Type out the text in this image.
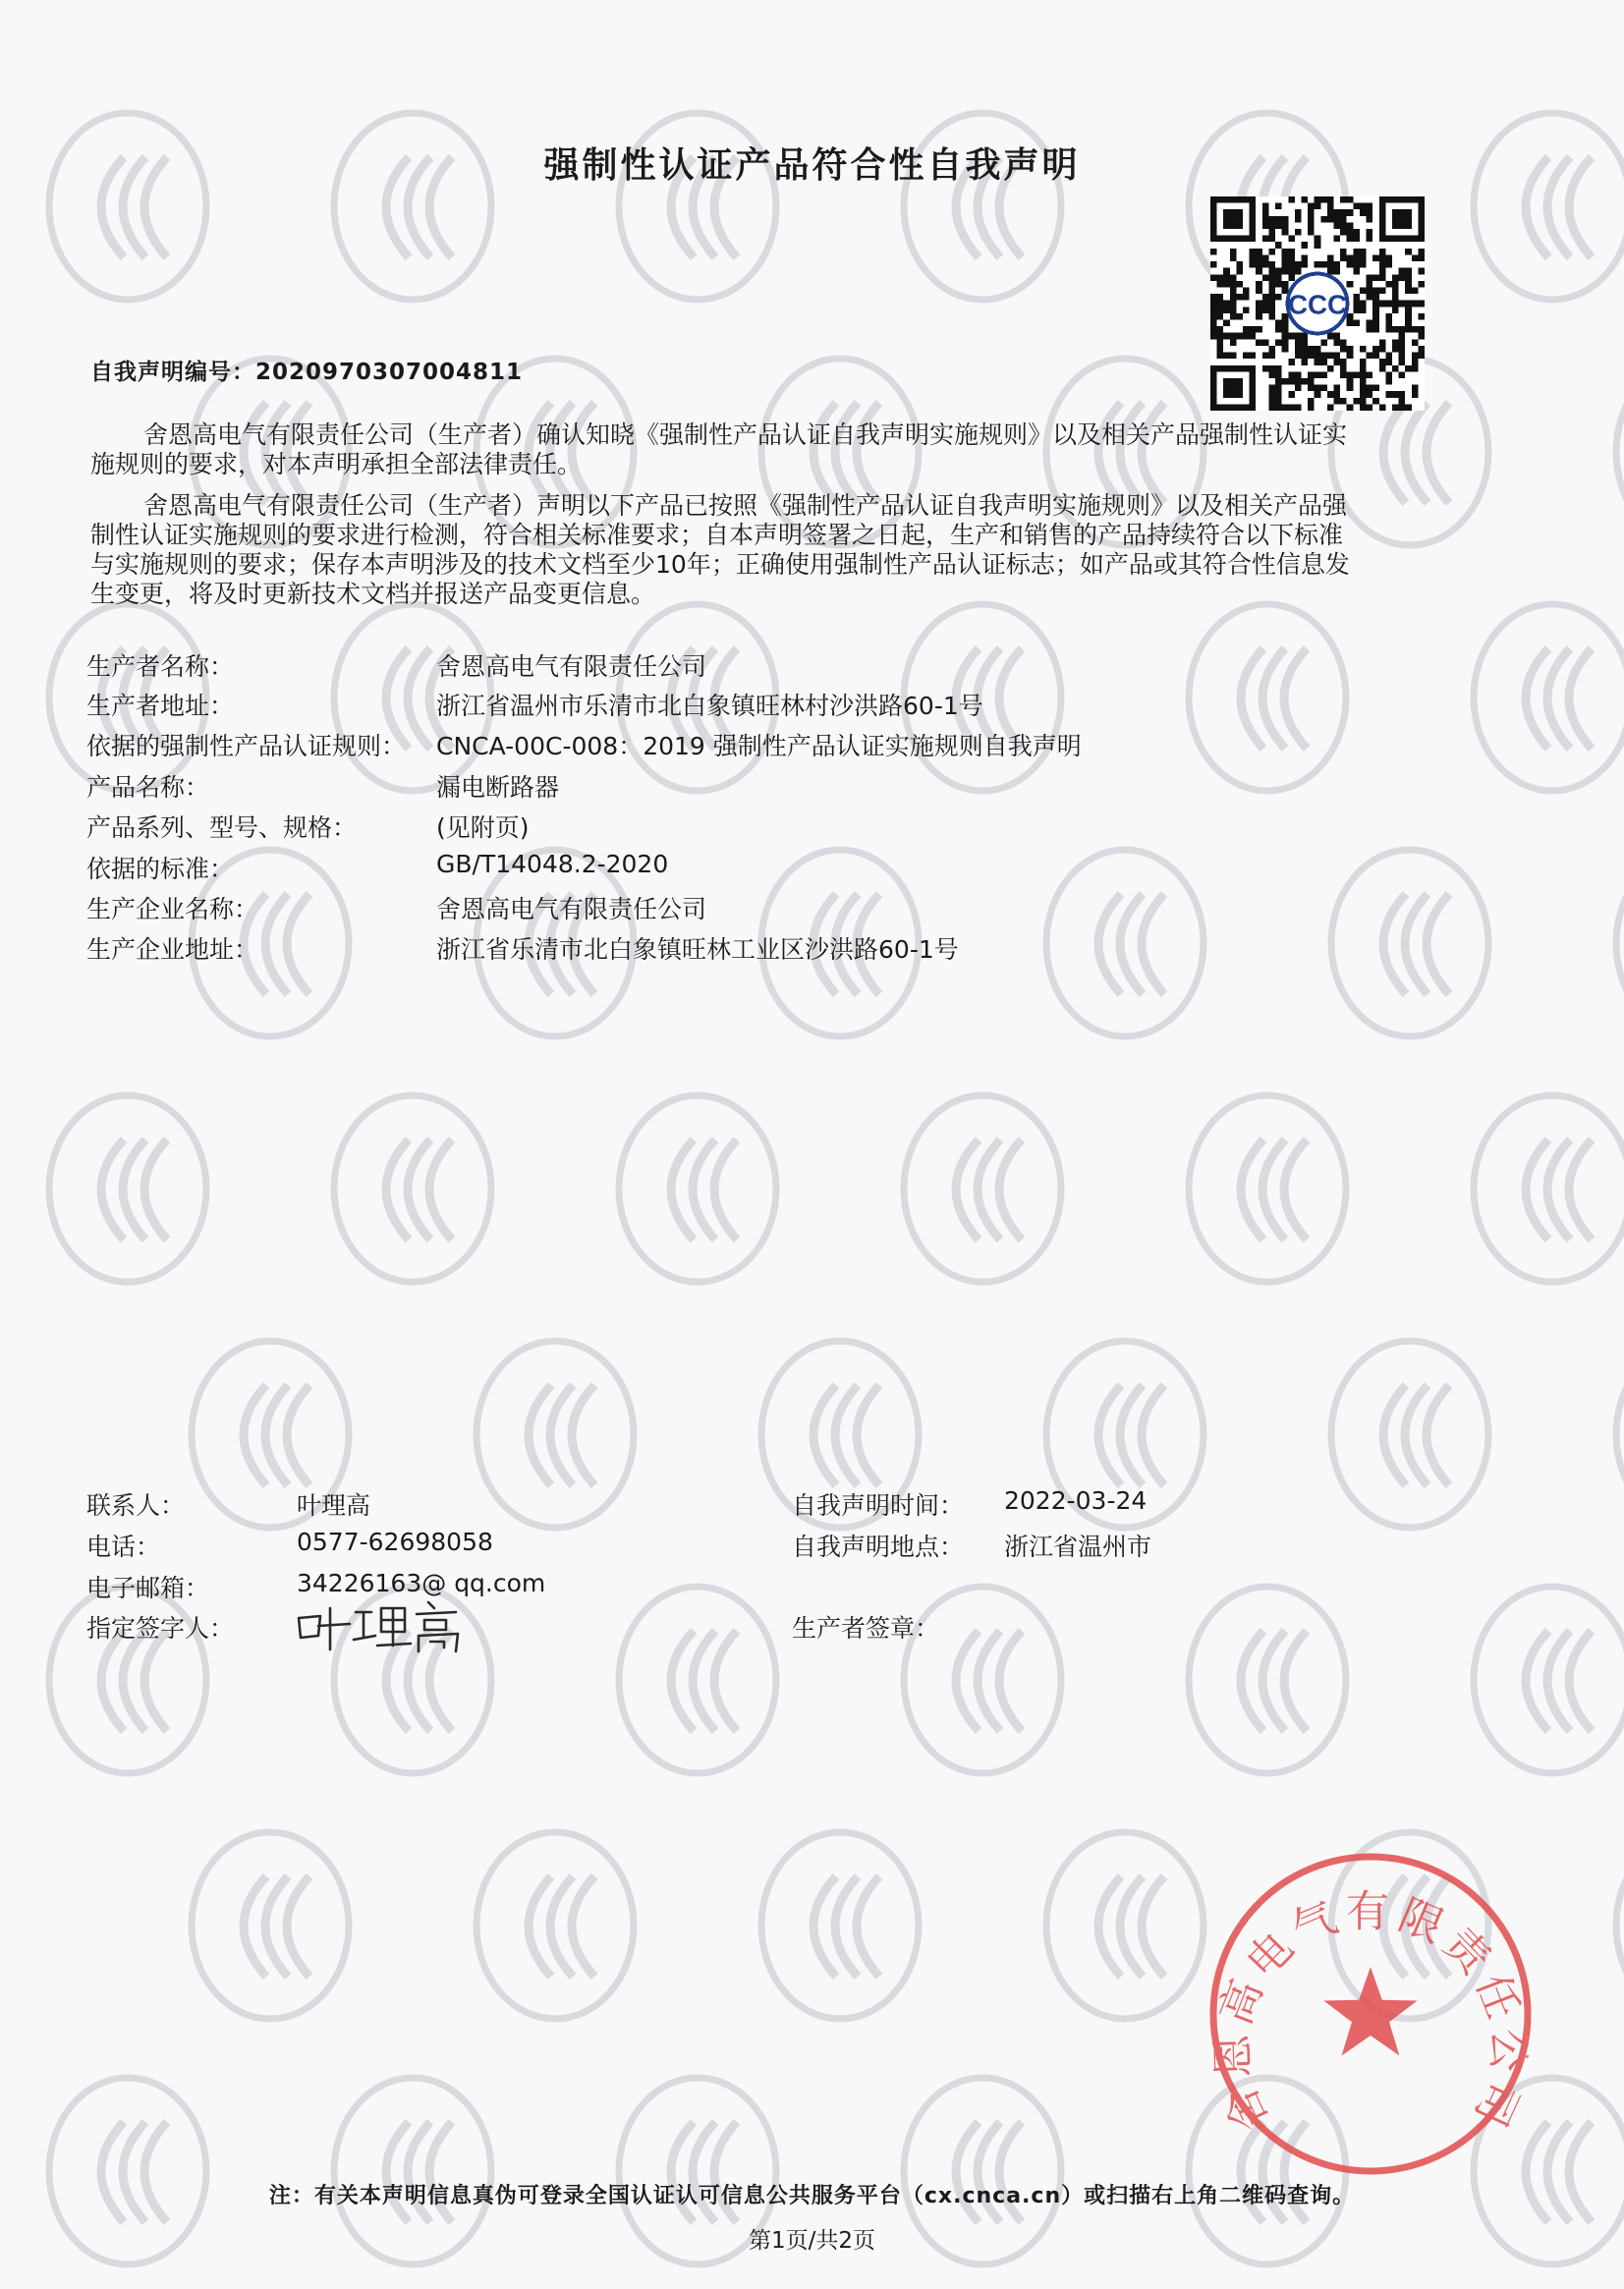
强制性认证产品符合性自我声明
CCC
自我声明编号：2020970307004811
舍恩高电气有限责任公司（生产者）确认知晓《强制性产品认证自我声明实施规则》以及相关产品强制性认证实
施规则的要求，对本声明承担全部法律责任。
舍恩高电气有限责任公司（生产者）声明以下产品已按照《强制性产品认证自我声明实施规则》以及相关产品强
制性认证实施规则的要求进行检测，符合相关标准要求；自本声明签署之日起，生产和销售的产品持续符合以下标准
与实施规则的要求；保存本声明涉及的技术文档至少10年；正确使用强制性产品认证标志；如产品或其符合性信息发
生变更，将及时更新技术文档并报送产品变更信息。
生产者名称：	舍恩高电气有限责任公司
生产者地址：	浙江省温州市乐清市北白象镇旺林村沙洪路60-1号
依据的强制性产品认证规则： CNCA-00C-008：2019 强制性产品认证实施规则自我声明
产品名称：	漏电断路器
产品系列、型号、规格：	(见附页)
依据的标准：	GB/T14048.2-2020
生产企业名称：	舍恩高电气有限责任公司
生产企业地址：	浙江省乐清市北白象镇旺林工业区沙洪路60-1号
联系人：	叶理高
电话：	0577-62698058
电子邮箱：	34226163@ qq.com
指定签字人：
自我声明时间： 2022-03-24
自我声明地点： 浙江省温州市
生产者签章：
舍恩高电气有限责任公司
注：有关本声明信息真伪可登录全国认证认可信息公共服务平台（cx.cnca.cn）或扫描右上角二维码查询。
第1页/共2页
